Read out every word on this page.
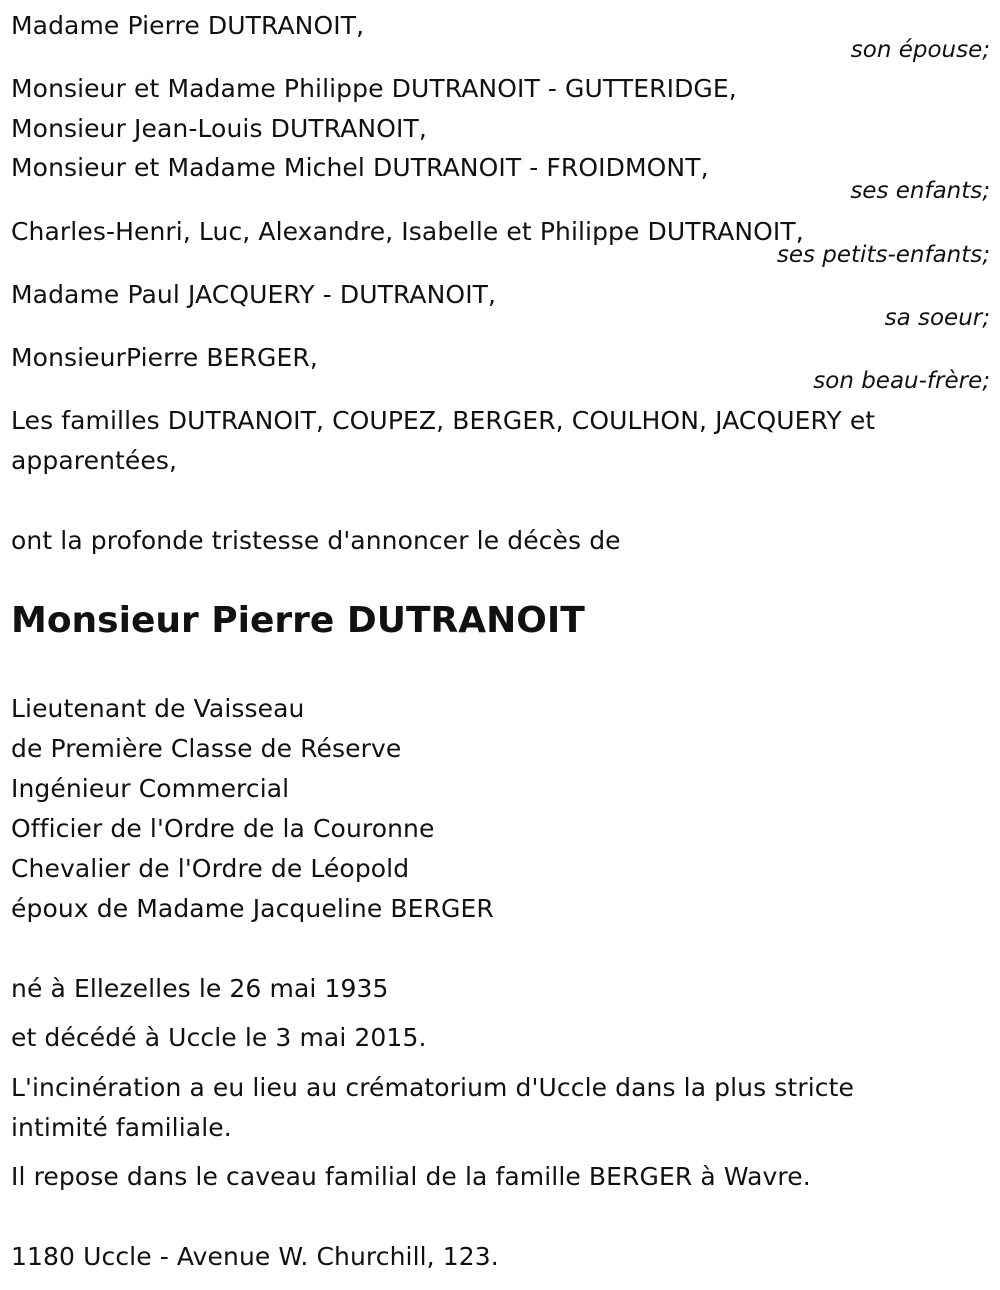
Madame Pierre DUTRANOIT,
son épouse;
Monsieur et Madame Philippe DUTRANOIT - GUTTERIDGE,
Monsieur Jean-Louis DUTRANOIT,
Monsieur et Madame Michel DUTRANOIT - FROIDMONT,
ses enfants;
Charles-Henri, Luc, Alexandre, Isabelle et Philippe DUTRANOIT,
ses petits-enfants;
Madame Paul JACQUERY - DUTRANOIT,
sa soeur;
MonsieurPierre BERGER,
son beau-frère;
Les familles DUTRANOIT, COUPEZ, BERGER, COULHON, JACQUERY et
apparentées,
ont la profonde tristesse d'annoncer le décès de
Monsieur Pierre DUTRANOIT
Lieutenant de Vaisseau
de Première Classe de Réserve
Ingénieur Commercial
Officier de l'Ordre de la Couronne
Chevalier de l'Ordre de Léopold
époux de Madame Jacqueline BERGER
né à Ellezelles le 26 mai 1935
et décédé à Uccle le 3 mai 2015.
L'incinération a eu lieu au crématorium d'Uccle dans la plus stricte
intimité familiale.
Il repose dans le caveau familial de la famille BERGER à Wavre.
1180 Uccle - Avenue W. Churchill, 123.
